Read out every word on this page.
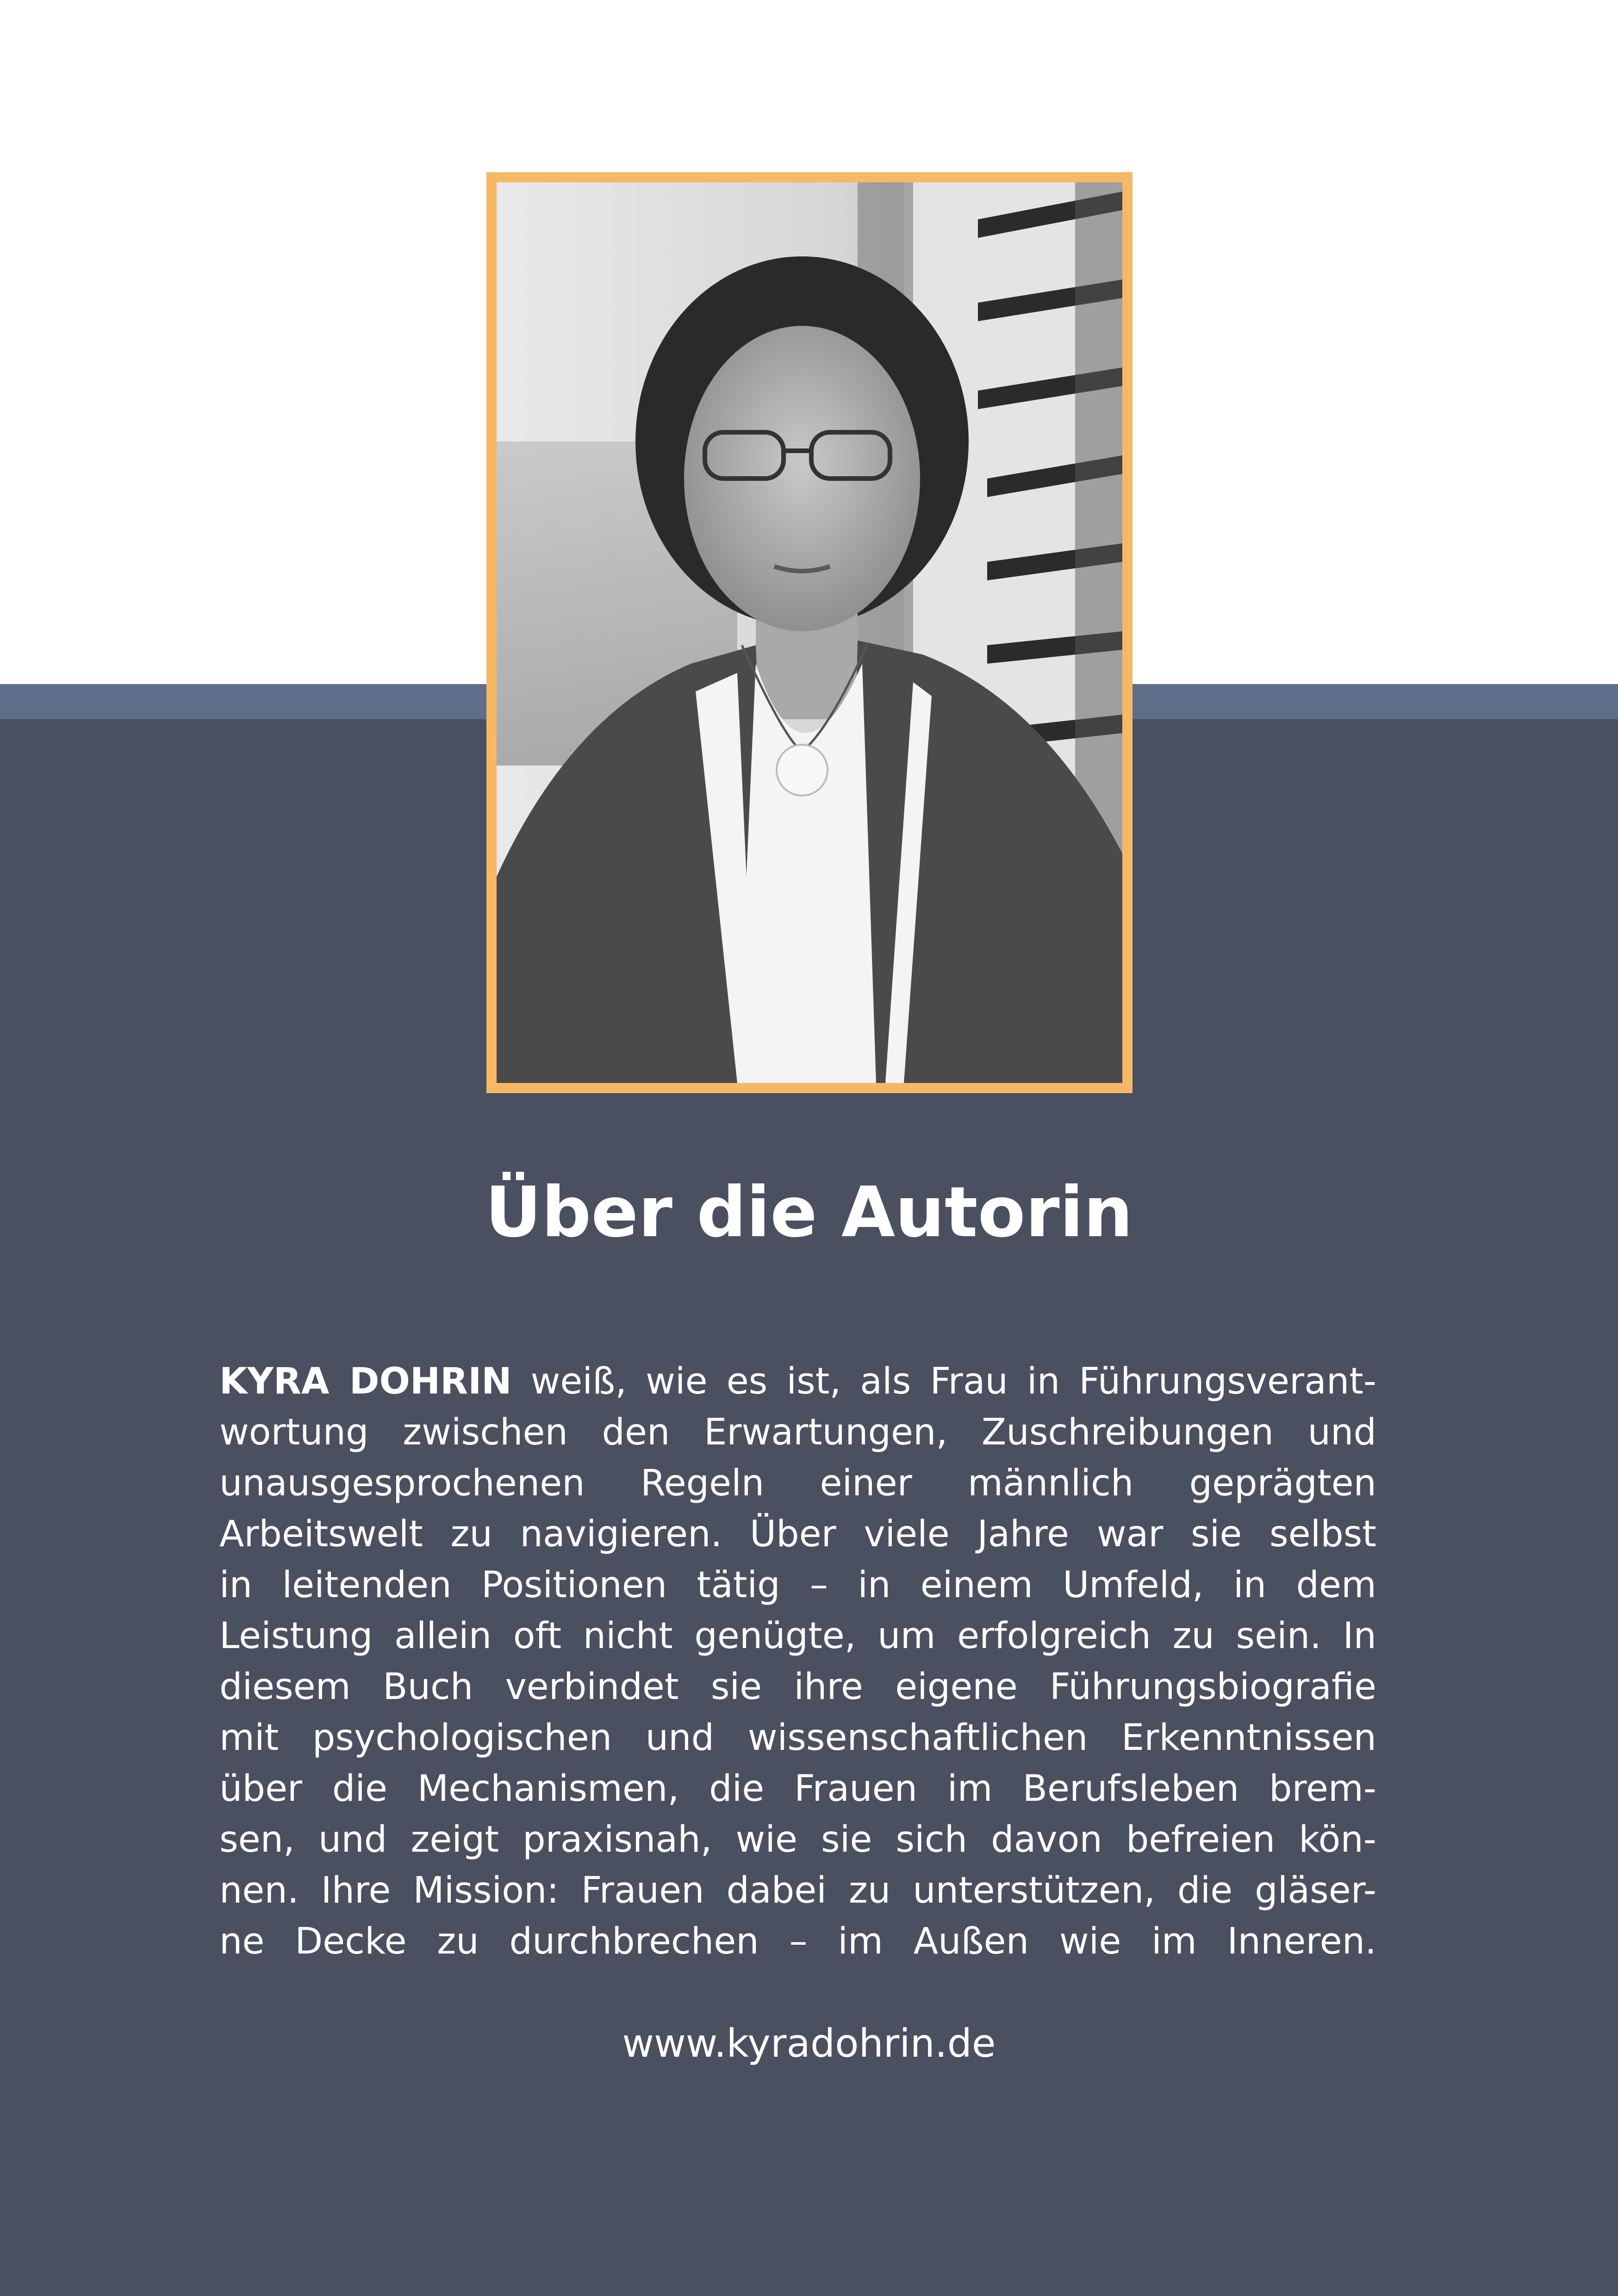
Über die Autorin
KYRA DOHRIN weiß, wie es ist, als Frau in Führungsverant-
wortung zwischen den Erwartungen, Zuschreibungen und
unausgesprochenen Regeln einer männlich geprägten
Arbeitswelt zu navigieren. Über viele Jahre war sie selbst
in leitenden Positionen tätig – in einem Umfeld, in dem
Leistung allein oft nicht genügte, um erfolgreich zu sein. In
diesem Buch verbindet sie ihre eigene Führungsbiografie
mit psychologischen und wissenschaftlichen Erkenntnissen
über die Mechanismen, die Frauen im Berufsleben brem-
sen, und zeigt praxisnah, wie sie sich davon befreien kön-
nen. Ihre Mission: Frauen dabei zu unterstützen, die gläser-
ne Decke zu durchbrechen – im Außen wie im Inneren.
www.kyradohrin.de
